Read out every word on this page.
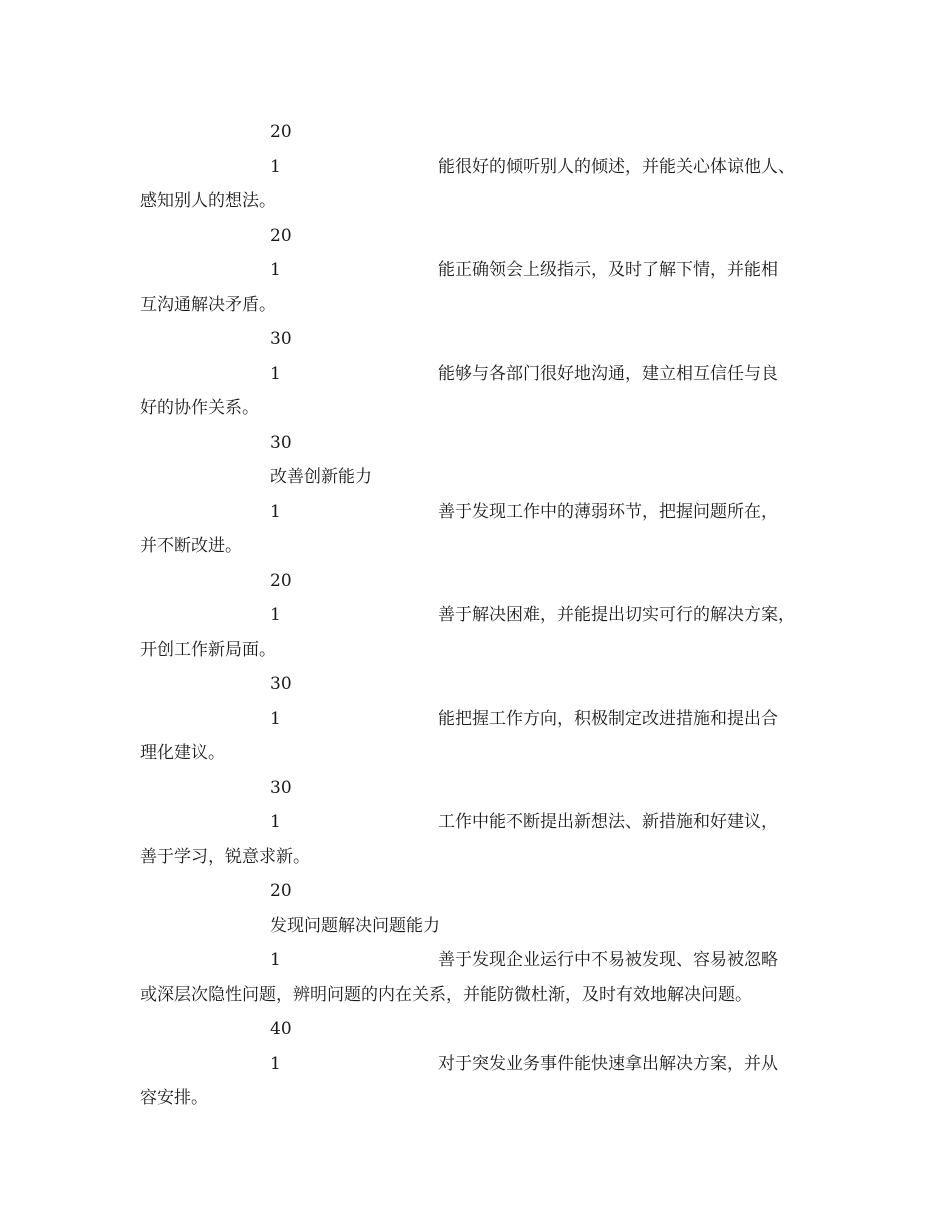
20
1	能很好的倾听别人的倾述，并能关心体谅他人、
感知别人的想法。
20
1	能正确领会上级指示，及时了解下情，并能相
互沟通解决矛盾。
30
1	能够与各部门很好地沟通，建立相互信任与良
好的协作关系。
30
改善创新能力
1	善于发现工作中的薄弱环节，把握问题所在，
并不断改进。
20
1	善于解决困难，并能提出切实可行的解决方案，
开创工作新局面。
30
1	能把握工作方向，积极制定改进措施和提出合
理化建议。
30
1	工作中能不断提出新想法、新措施和好建议，
善于学习，锐意求新。
20
发现问题解决问题能力
1	善于发现企业运行中不易被发现、容易被忽略
或深层次隐性问题，辨明问题的内在关系，并能防微杜渐，及时有效地解决问题。
40
1	对于突发业务事件能快速拿出解决方案，并从
容安排。
